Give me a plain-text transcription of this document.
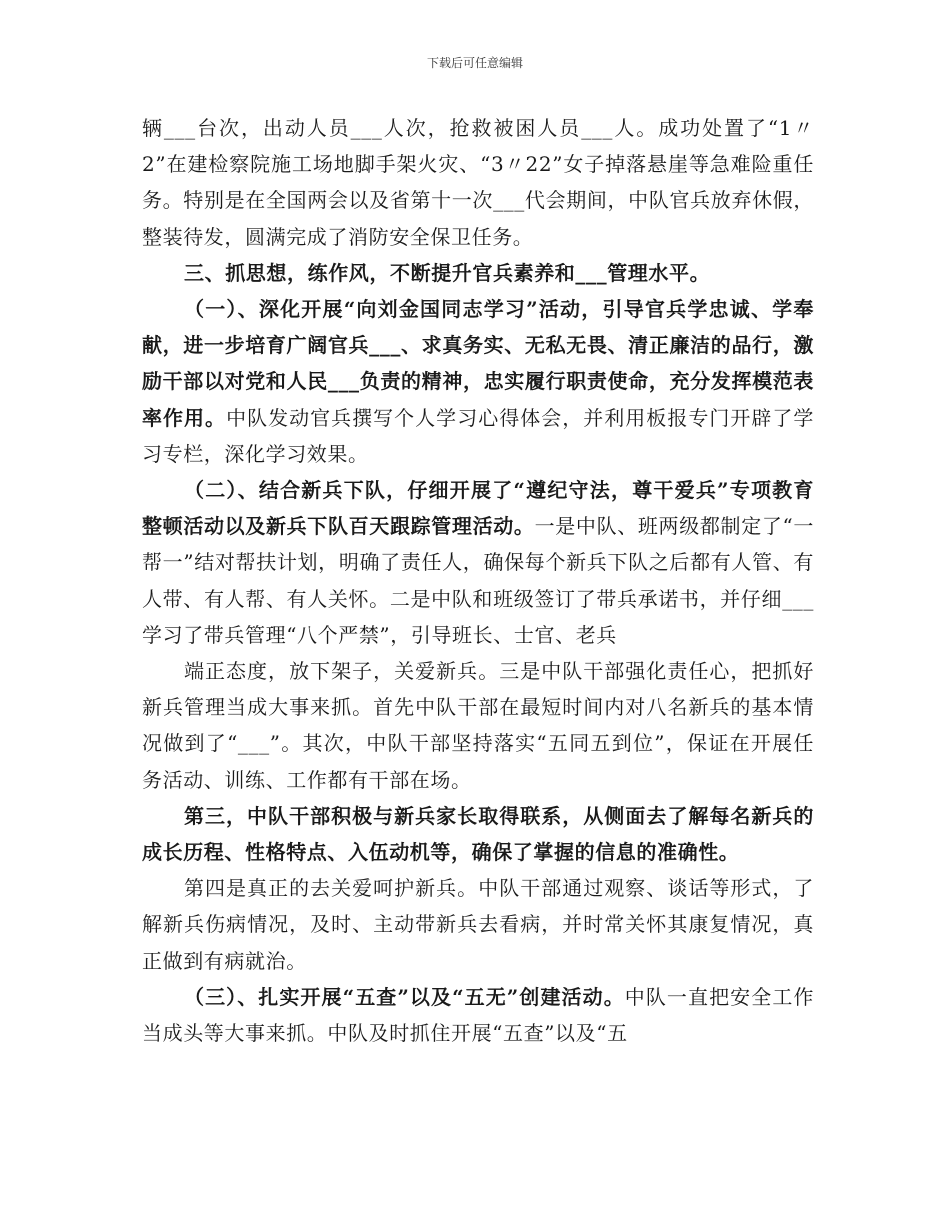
下载后可任意编辑

辆___台次，出动人员___人次，抢救被困人员___人。成功处置了“1〃2”在建检察院施工场地脚手架火灾、“3〃22”女子掉落悬崖等急难险重任务。特别是在全国两会以及省第十一次___代会期间，中队官兵放弃休假，整装待发，圆满完成了消防安全保卫任务。

三、抓思想，练作风，不断提升官兵素养和___管理水平。

（一）、深化开展“向刘金国同志学习”活动，引导官兵学忠诚、学奉献，进一步培育广阔官兵___、求真务实、无私无畏、清正廉洁的品行，激励干部以对党和人民___负责的精神，忠实履行职责使命，充分发挥模范表率作用。中队发动官兵撰写个人学习心得体会，并利用板报专门开辟了学习专栏，深化学习效果。

（二）、结合新兵下队，仔细开展了“遵纪守法，尊干爱兵”专项教育整顿活动以及新兵下队百天跟踪管理活动。一是中队、班两级都制定了“一帮一”结对帮扶计划，明确了责任人，确保每个新兵下队之后都有人管、有人带、有人帮、有人关怀。二是中队和班级签订了带兵承诺书，并仔细___学习了带兵管理“八个严禁”，引导班长、士官、老兵

端正态度，放下架子，关爱新兵。三是中队干部强化责任心，把抓好新兵管理当成大事来抓。首先中队干部在最短时间内对八名新兵的基本情况做到了“___”。其次，中队干部坚持落实“五同五到位”，保证在开展任务活动、训练、工作都有干部在场。

第三，中队干部积极与新兵家长取得联系，从侧面去了解每名新兵的成长历程、性格特点、入伍动机等，确保了掌握的信息的准确性。

第四是真正的去关爱呵护新兵。中队干部通过观察、谈话等形式，了解新兵伤病情况，及时、主动带新兵去看病，并时常关怀其康复情况，真正做到有病就治。

（三）、扎实开展“五查”以及“五无”创建活动。中队一直把安全工作当成头等大事来抓。中队及时抓住开展“五查”以及“五
